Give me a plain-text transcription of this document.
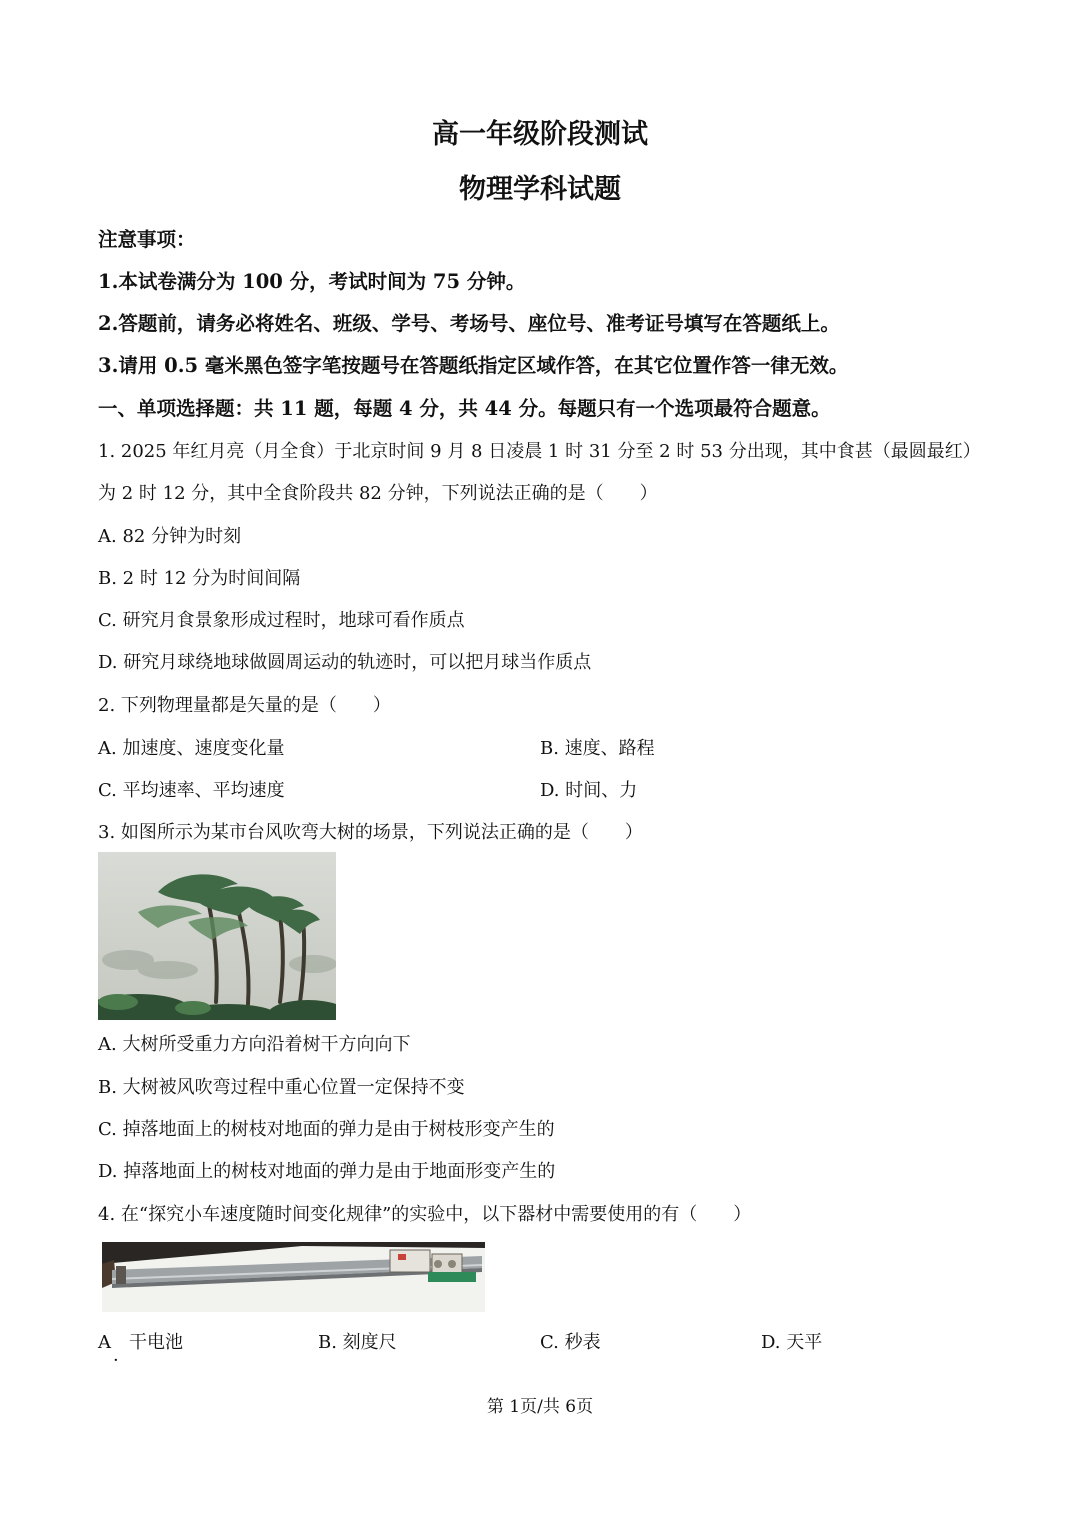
高一年级阶段测试
物理学科试题
注意事项：
1.本试卷满分为 100 分，考试时间为 75 分钟。
2.答题前，请务必将姓名、班级、学号、考场号、座位号、准考证号填写在答题纸上。
3.请用 0.5 毫米黑色签字笔按题号在答题纸指定区域作答，在其它位置作答一律无效。
一、单项选择题：共 11 题，每题 4 分，共 44 分。每题只有一个选项最符合题意。
1. 2025 年红月亮（月全食）于北京时间 9 月 8 日凌晨 1 时 31 分至 2 时 53 分出现，其中食甚（最圆最红）
为 2 时 12 分，其中全食阶段共 82 分钟，下列说法正确的是（　　）
A. 82 分钟为时刻
B. 2 时 12 分为时间间隔
C. 研究月食景象形成过程时，地球可看作质点
D. 研究月球绕地球做圆周运动的轨迹时，可以把月球当作质点
2. 下列物理量都是矢量的是（　　）
A. 加速度、速度变化量	B. 速度、路程
C. 平均速率、平均速度	D. 时间、力
3. 如图所示为某市台风吹弯大树的场景，下列说法正确的是（　　）
A. 大树所受重力方向沿着树干方向向下
B. 大树被风吹弯过程中重心位置一定保持不变
C. 掉落地面上的树枝对地面的弹力是由于树枝形变产生的
D. 掉落地面上的树枝对地面的弹力是由于地面形变产生的
4. 在“探究小车速度随时间变化规律”的实验中，以下器材中需要使用的有（　　）
A　干电池
·
B. 刻度尺	C. 秒表	D. 天平
第 1页/共 6页
